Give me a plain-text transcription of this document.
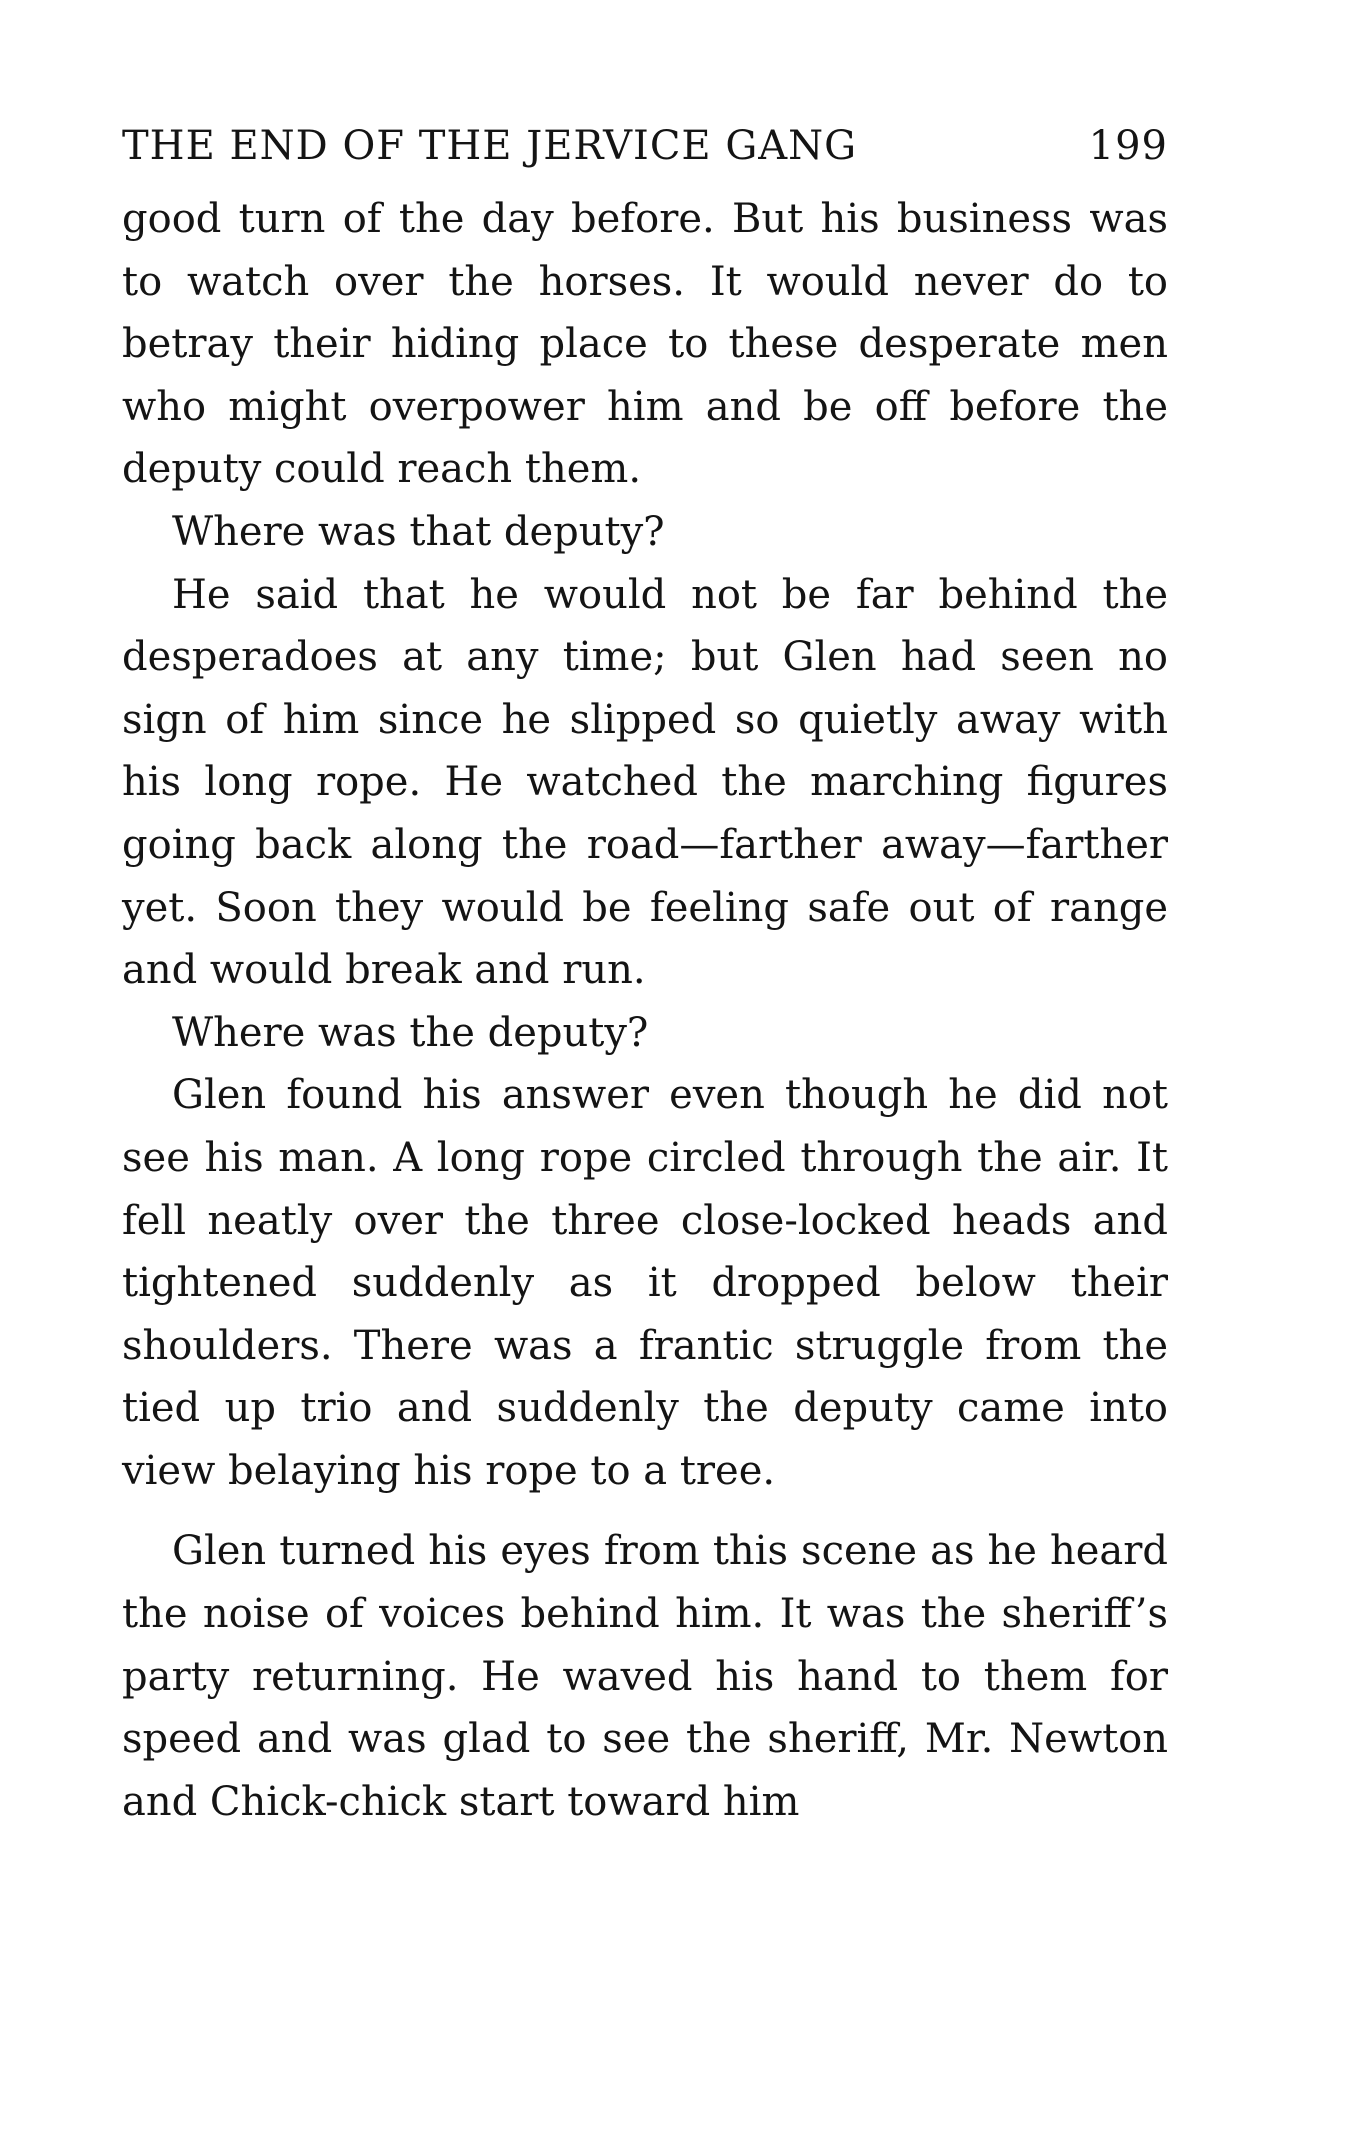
THE END OF THE JERVICE GANG	199

good turn of the day before. But his business was to watch over the horses. It would never do to betray their hiding place to these desperate men who might overpower him and be off before the deputy could reach them.

Where was that deputy?

He said that he would not be far behind the desperadoes at any time; but Glen had seen no sign of him since he slipped so quietly away with his long rope. He watched the marching figures going back along the road—farther away—farther yet. Soon they would be feeling safe out of range and would break and run.

Where was the deputy?

Glen found his answer even though he did not see his man. A long rope circled through the air. It fell neatly over the three close-locked heads and tightened suddenly as it dropped below their shoulders. There was a frantic struggle from the tied up trio and suddenly the deputy came into view belaying his rope to a tree.

Glen turned his eyes from this scene as he heard the noise of voices behind him. It was the sheriff’s party returning. He waved his hand to them for speed and was glad to see the sheriff, Mr. Newton and Chick-chick start toward him
